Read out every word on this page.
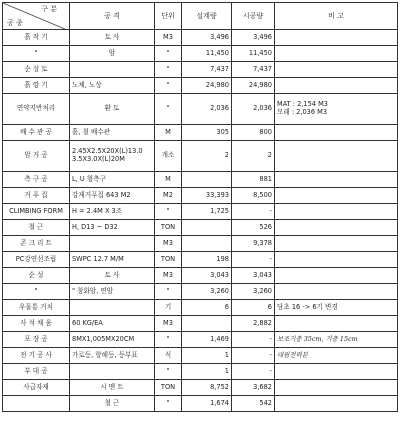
구 분
공 종	공 격	단위	설계량	시공량	비 고
흙 작 기	토 사	M3	3,496	3,496	
"	암	"	11,450	11,450	
순 성 토		"	7,437	7,437	
흙 깡 기	노체, 노상	"	24,980	24,980	
연약지반처리	환 토	"	2,036	2,036	MAT : 2,154 M3
모래 : 2,036 M3
배 수 관 공	흙, 철 배수관	M	305	800	
암 거 공	2.45X2.5X20X(L)13.0
3.5X3.0X(L)20M	개소	2	2	
측 구 공	L, U 형측구	M		881	
거 푸 집	강재거푸집 643 M2	M2	33,393	8,500	
CLIMBING FORM	H = 2.4M X 3조	"	1,725	-	
철 근	H, D13 ~ D32	TON		526	
콘 크 리 트		M3		9,378	
PC강연선조립	SWPC 12.7 M/M	TON	198	-	
순 성	토 사	M3	3,043	3,043	
"	" 창화암, 연암	"	3,260	3,260	
우물통 거치		기	6	6	당초 16 -> 6기 변경
사 석 채 움	60 KG/EA	M3		2,882	
포 장 공	8MX1,005MX20CM	"	1,469	-	보조기층 35cm, 기층 15cm
전 기 공 사	가로등, 항해등, 등부표	식	1	-	대림전력분
부 대 공		"	1	-	
사급자재	시 멘 트	TON	8,752	3,682	
	철 근	"	1,674	542	
